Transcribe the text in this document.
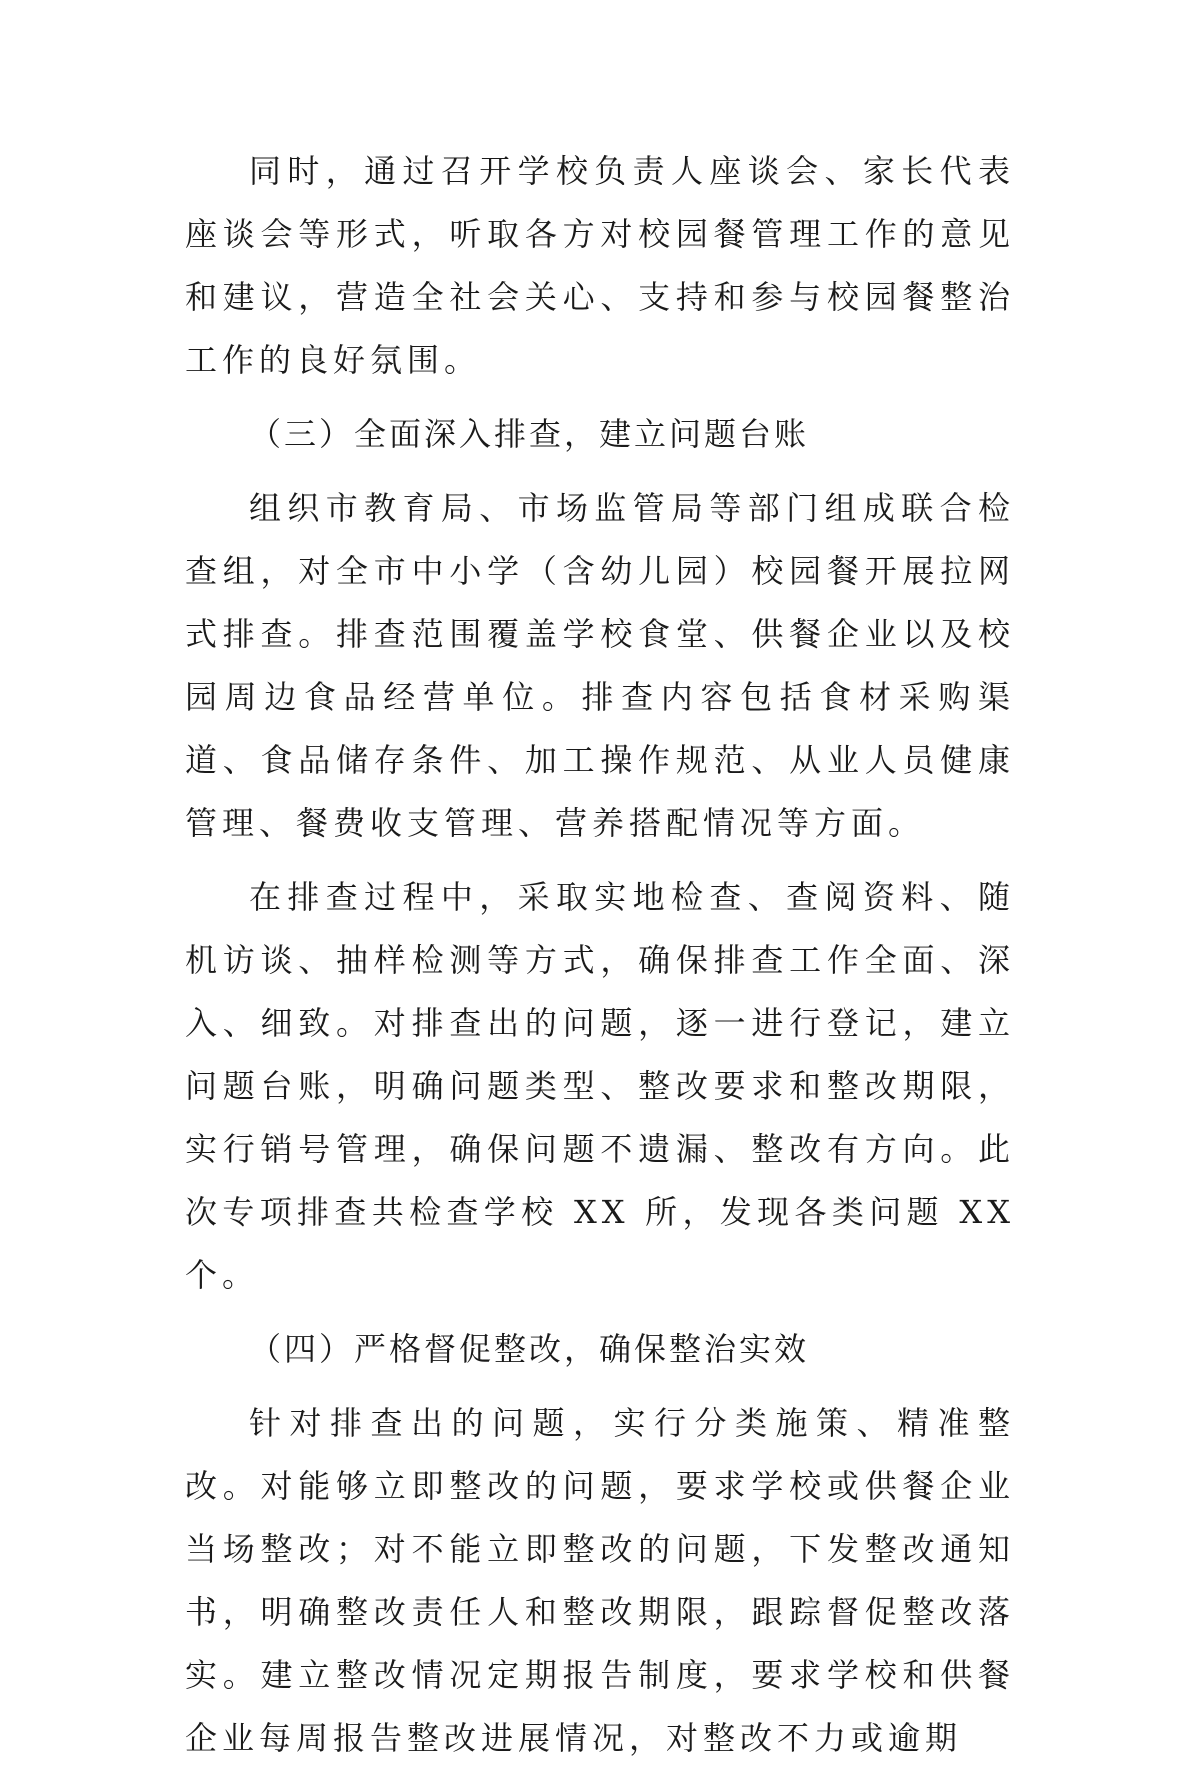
同时，通过召开学校负责人座谈会、家长代表座谈会等形式，听取各方对校园餐管理工作的意见和建议，营造全社会关心、支持和参与校园餐整治工作的良好氛围。

（三）全面深入排查，建立问题台账

组织市教育局、市场监管局等部门组成联合检查组，对全市中小学（含幼儿园）校园餐开展拉网式排查。排查范围覆盖学校食堂、供餐企业以及校园周边食品经营单位。排查内容包括食材采购渠道、食品储存条件、加工操作规范、从业人员健康管理、餐费收支管理、营养搭配情况等方面。

在排查过程中，采取实地检查、查阅资料、随机访谈、抽样检测等方式，确保排查工作全面、深入、细致。对排查出的问题，逐一进行登记，建立问题台账，明确问题类型、整改要求和整改期限，实行销号管理，确保问题不遗漏、整改有方向。此次专项排查共检查学校 XX 所，发现各类问题 XX 个。

（四）严格督促整改，确保整治实效

针对排查出的问题，实行分类施策、精准整改。对能够立即整改的问题，要求学校或供餐企业当场整改；对不能立即整改的问题，下发整改通知书，明确整改责任人和整改期限，跟踪督促整改落实。建立整改情况定期报告制度，要求学校和供餐企业每周报告整改进展情况，对整改不力或逾期
